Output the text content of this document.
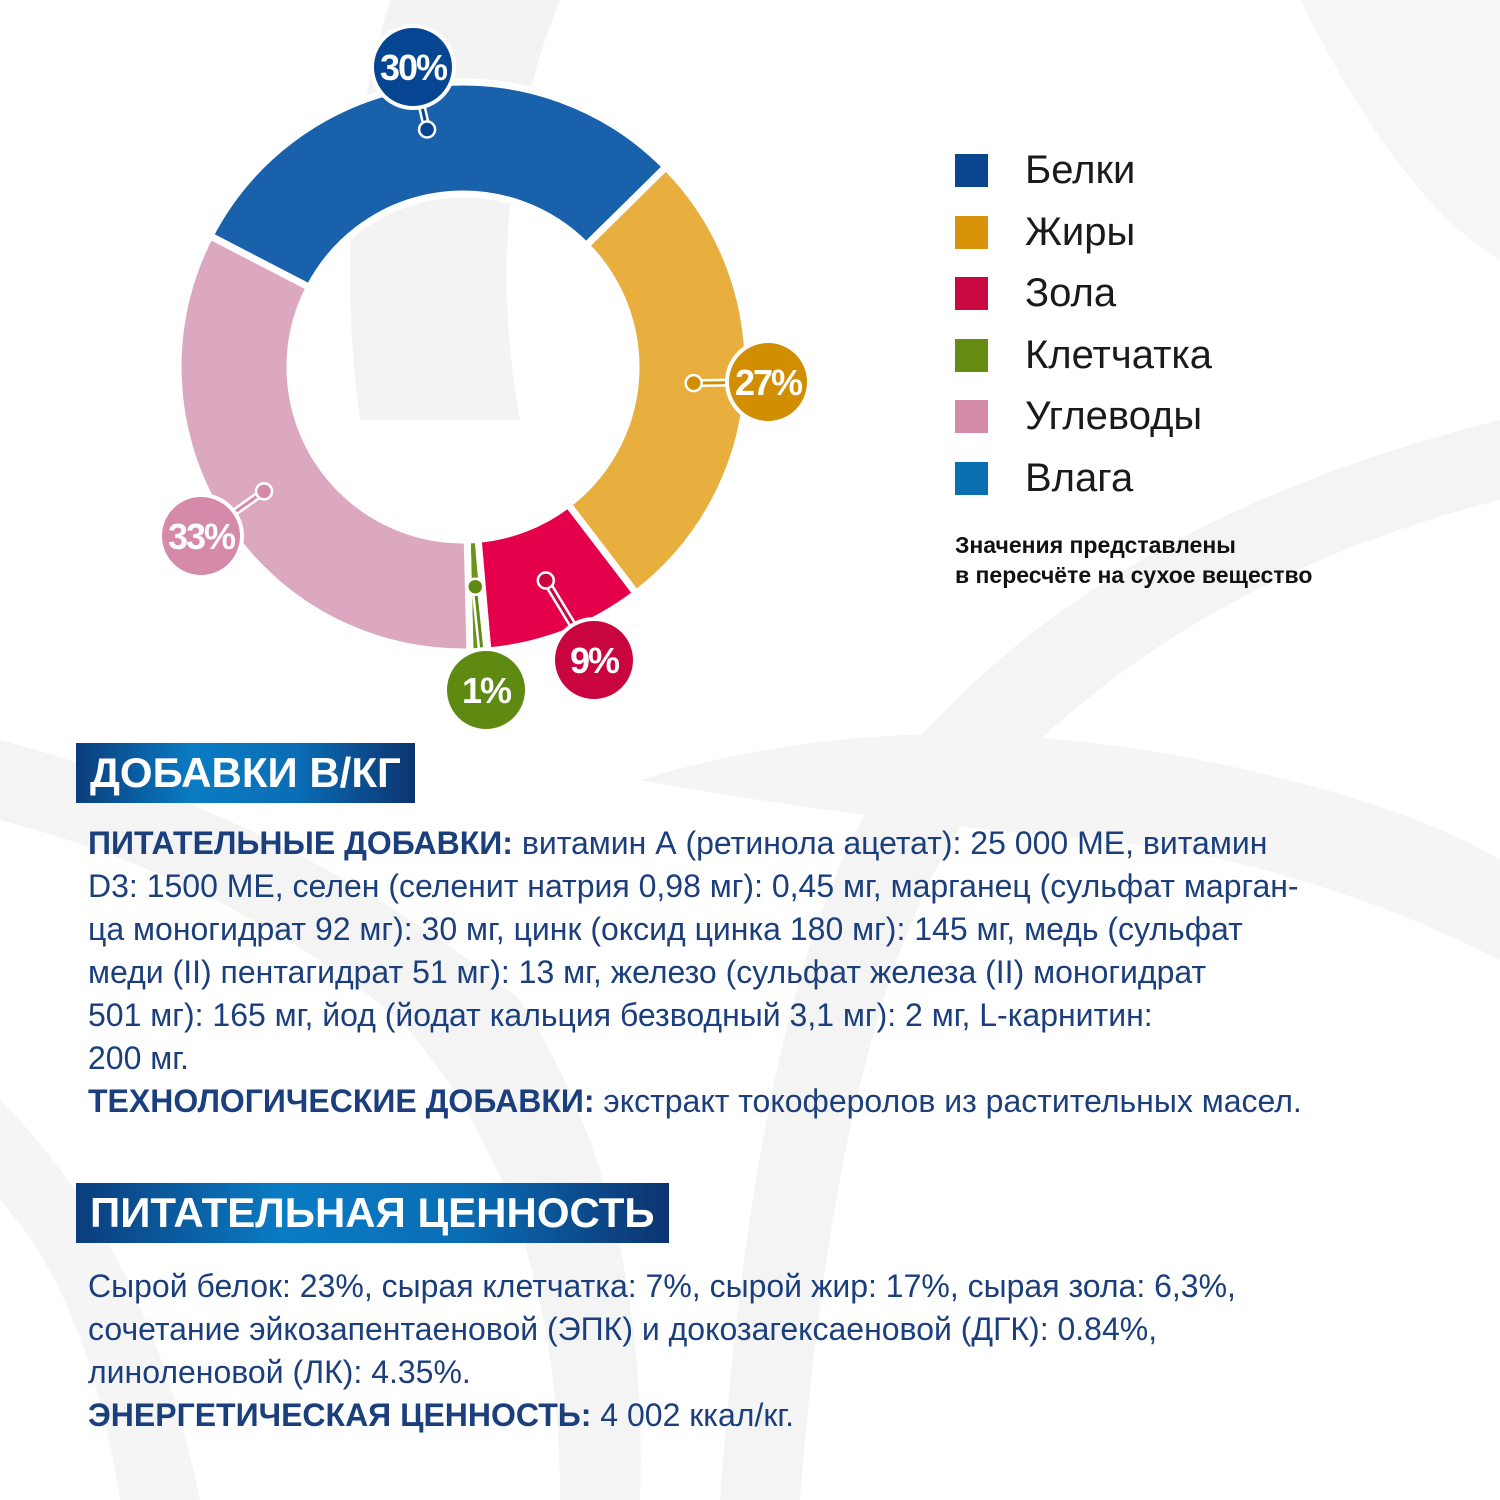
30%
27%
9%
1%
33%
Белки
Жиры
Зола
Клетчатка
Углеводы
Влага
Значения представлены
в пересчёте на сухое вещество
ДОБАВКИ В/КГ
ПИТАТЕЛЬНЫЕ ДОБАВКИ: витамин А (ретинола ацетат): 25 000 МЕ, витамин
D3: 1500 МЕ, селен (селенит натрия 0,98 мг): 0,45 мг, марганец (сульфат марган-
ца моногидрат 92 мг): 30 мг, цинк (оксид цинка 180 мг): 145 мг, медь (сульфат
меди (II) пентагидрат 51 мг): 13 мг, железо (сульфат железа (II) моногидрат
501 мг): 165 мг, йод (йодат кальция безводный 3,1 мг): 2 мг, L-карнитин:
200 мг.
ТЕХНОЛОГИЧЕСКИЕ ДОБАВКИ: экстракт токоферолов из растительных масел.
ПИТАТЕЛЬНАЯ ЦЕННОСТЬ
Сырой белок: 23%, сырая клетчатка: 7%, сырой жир: 17%, сырая зола: 6,3%,
сочетание эйкозапентаеновой (ЭПК) и докозагексаеновой (ДГК): 0.84%,
линоленовой (ЛК): 4.35%.
ЭНЕРГЕТИЧЕСКАЯ ЦЕННОСТЬ: 4 002 ккал/кг.
